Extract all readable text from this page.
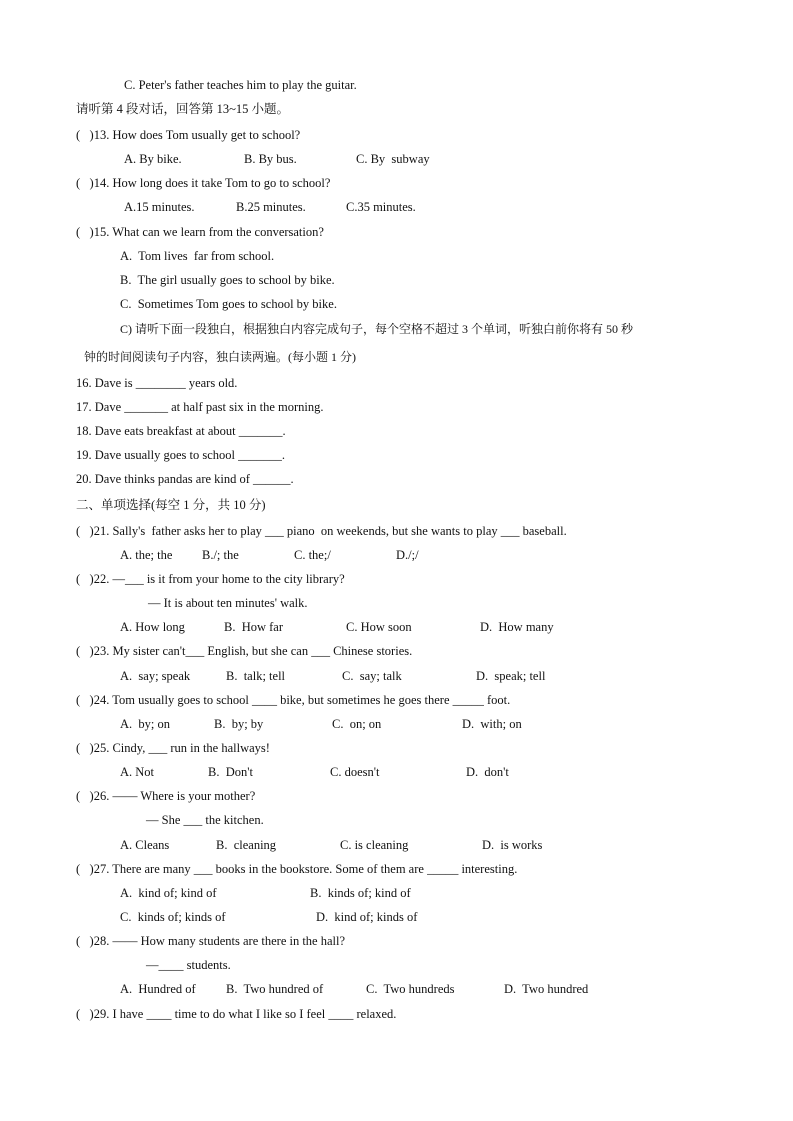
C. Peter's father teaches him to play the guitar.
请听第 4 段对话，回答第 13~15 小题。
(   )13. How does Tom usually get to school?
A. By bike.	B. By bus.	C. By  subway
(   )14. How long does it take Tom to go to school?
A.15 minutes.	B.25 minutes.	C.35 minutes.
(   )15. What can we learn from the conversation?
A.  Tom lives  far from school.
B.  The girl usually goes to school by bike.
C.  Sometimes Tom goes to school by bike.
C) 请听下面一段独白，根据独白内容完成句子，每个空格不超过 3 个单词，听独白前你将有 50 秒
钟的时间阅读句子内容，独白读两遍。(每小题 1 分)
16. Dave is ________ years old.
17. Dave _______ at half past six in the morning.
18. Dave eats breakfast at about _______.
19. Dave usually goes to school _______.
20. Dave thinks pandas are kind of ______.
二、单项选择(每空 1 分，共 10 分)
(   )21. Sally's  father asks her to play ___ piano  on weekends, but she wants to play ___ baseball.
A. the; the B./; the	C. the;/	D./;/
(   )22. —___ is it from your home to the city library?
— It is about ten minutes' walk.
A. How long	B.  How far	C. How soon	D.  How many
(   )23. My sister can't___ English, but she can ___ Chinese stories.
A.  say; speak	B.  talk; tell	C.  say; talk	D.  speak; tell
(   )24. Tom usually goes to school ____ bike, but sometimes he goes there _____ foot.
A.  by; on	B.  by; by	C.  on; on	D.  with; on
(   )25. Cindy, ___ run in the hallways!
A. Not	B.  Don't	C. doesn't	D.  don't
(   )26. —— Where is your mother?
— She ___ the kitchen.
A. Cleans	B.  cleaning	C. is cleaning	D.  is works
(   )27. There are many ___ books in the bookstore. Some of them are _____ interesting.
A.  kind of; kind of	B.  kinds of; kind of
C.  kinds of; kinds of	D.  kind of; kinds of
(   )28. —— How many students are there in the hall?
—____ students.
A.  Hundred of B.  Two hundred of	C.  Two hundreds	D.  Two hundred
(   )29. I have ____ time to do what I like so I feel ____ relaxed.
